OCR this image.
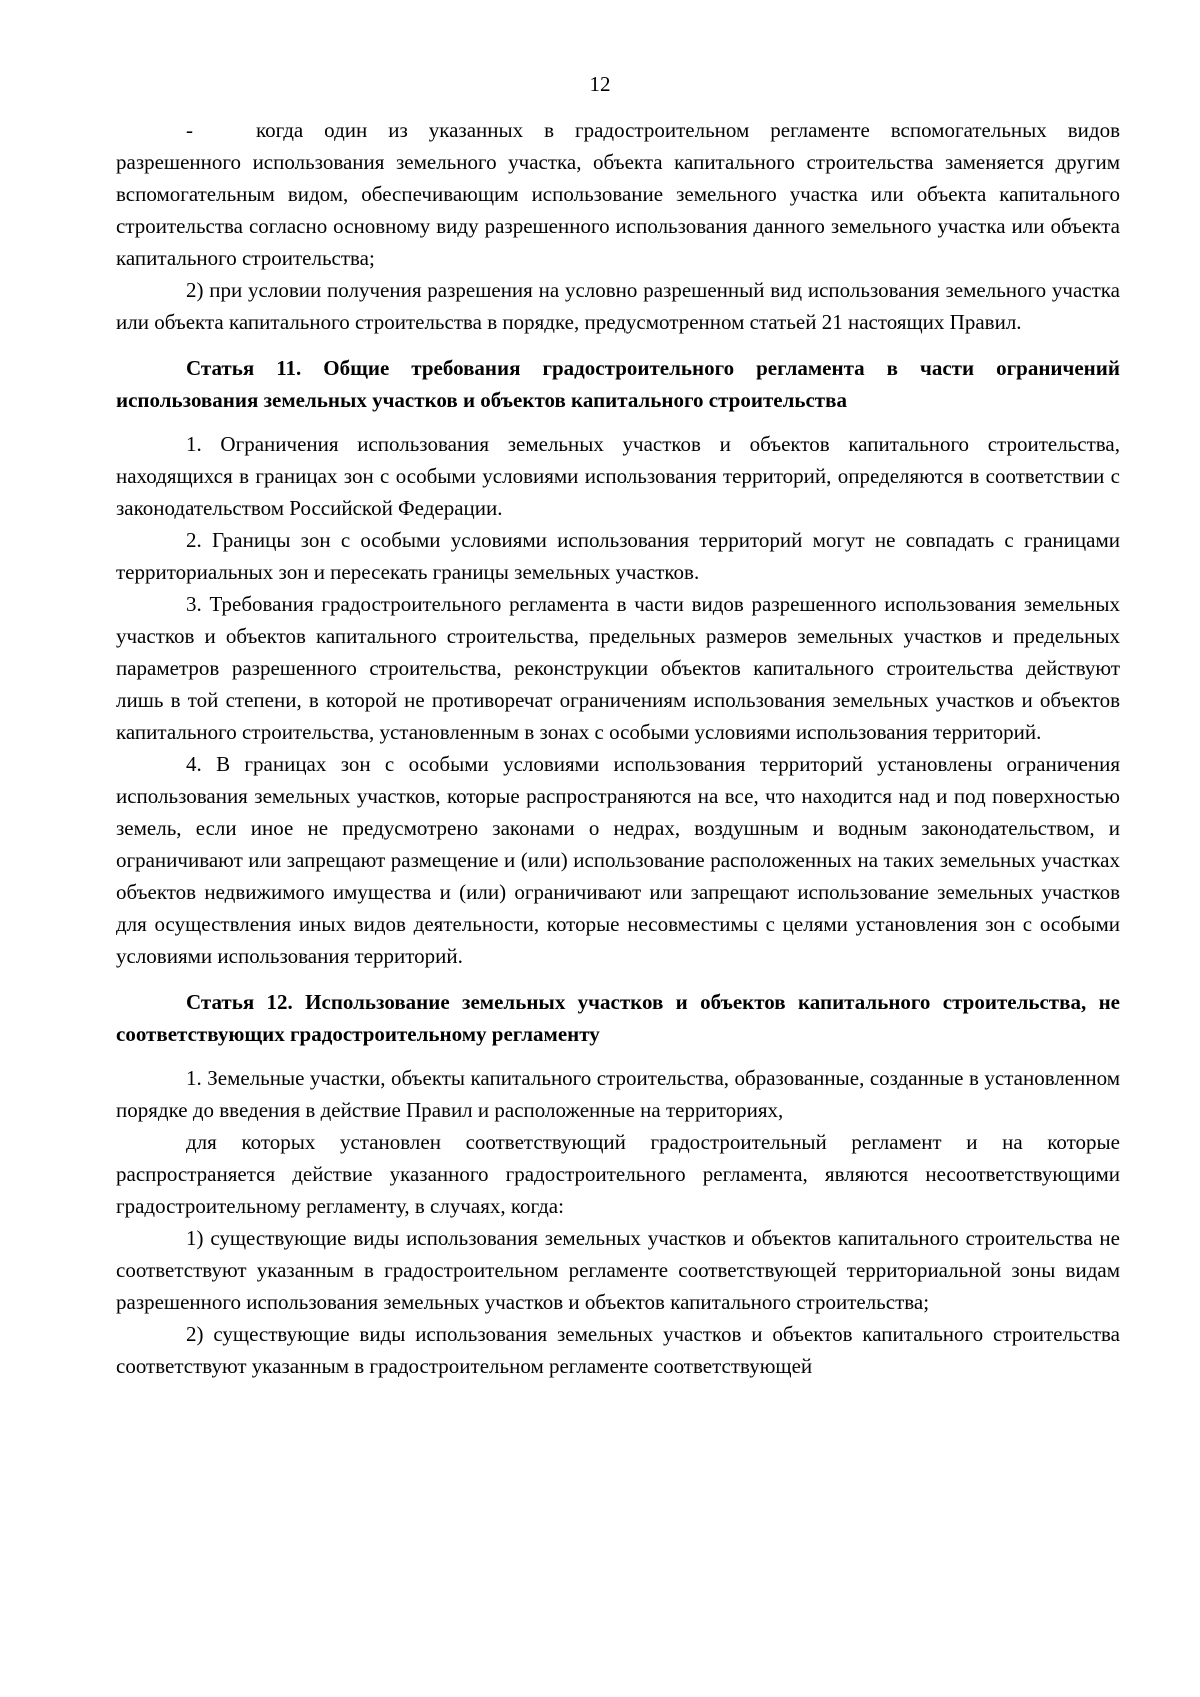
12

-	когда один из указанных в градостроительном регламенте вспомогательных видов разрешенного использования земельного участка, объекта капитального строительства заменяется другим вспомогательным видом, обеспечивающим использование земельного участка или объекта капитального строительства согласно основному виду разрешенного использования данного земельного участка или объекта капитального строительства;

2) при условии получения разрешения на условно разрешенный вид использования земельного участка или объекта капитального строительства в порядке, предусмотренном статьей 21 настоящих Правил.

Статья 11. Общие требования градостроительного регламента в части ограничений использования земельных участков и объектов капитального строительства

1. Ограничения использования земельных участков и объектов капитального строительства, находящихся в границах зон с особыми условиями использования территорий, определяются в соответствии с законодательством Российской Федерации.

2. Границы зон с особыми условиями использования территорий могут не совпадать с границами территориальных зон и пересекать границы земельных участков.

3. Требования градостроительного регламента в части видов разрешенного использования земельных участков и объектов капитального строительства, предельных размеров земельных участков и предельных параметров разрешенного строительства, реконструкции объектов капитального строительства действуют лишь в той степени, в которой не противоречат ограничениям использования земельных участков и объектов капитального строительства, установленным в зонах с особыми условиями использования территорий.

4. В границах зон с особыми условиями использования территорий установлены ограничения использования земельных участков, которые распространяются на все, что находится над и под поверхностью земель, если иное не предусмотрено законами о недрах, воздушным и водным законодательством, и ограничивают или запрещают размещение и (или) использование расположенных на таких земельных участках объектов недвижимого имущества и (или) ограничивают или запрещают использование земельных участков для осуществления иных видов деятельности, которые несовместимы с целями установления зон с особыми условиями использования территорий.

Статья 12. Использование земельных участков и объектов капитального строительства, не соответствующих градостроительному регламенту

1. Земельные участки, объекты капитального строительства, образованные, созданные в установленном порядке до введения в действие Правил и расположенные на территориях,

для которых установлен соответствующий градостроительный регламент и на которые распространяется действие указанного градостроительного регламента, являются несоответствующими градостроительному регламенту, в случаях, когда:

1) существующие виды использования земельных участков и объектов капитального строительства не соответствуют указанным в градостроительном регламенте соответствующей территориальной зоны видам разрешенного использования земельных участков и объектов капитального строительства;

2) существующие виды использования земельных участков и объектов капитального строительства соответствуют указанным в градостроительном регламенте соответствующей
